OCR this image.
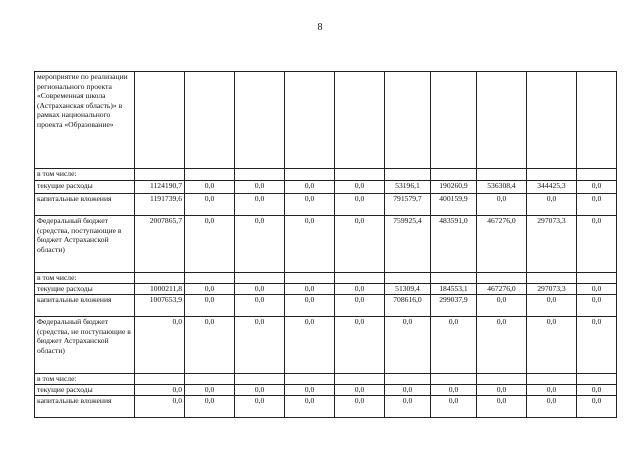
8
мероприятие по реализации регионального проекта «Современная школа (Астраханская область)» в рамках национального проекта «Образование»										
в том числе:										
текущие расходы	1124190,7	0,0	0,0	0,0	0,0	53196,1	190260,9	536308,4	344425,3	0,0
капитальные вложения	1191739,6	0,0	0,0	0,0	0,0	791579,7	400159,9	0,0	0,0	0,0
Федеральный бюджет (средства, поступающие в бюджет Астраханской области)	2007865,7	0,0	0,0	0,0	0,0	759925,4	483591,0	467276,0	297073,3	0,0
в том числе:										
текущие расходы	1000211,8	0,0	0,0	0,0	0,0	51309,4	184553,1	467276,0	297073,3	0,0
капитальные вложения	1007653,9	0,0	0,0	0,0	0,0	708616,0	299037,9	0,0	0,0	0,0
Федеральный бюджет (средства, не поступающие в бюджет Астраханской области)	0,0	0,0	0,0	0,0	0,0	0,0	0,0	0,0	0,0	0,0
в том числе:										
текущие расходы	0,0	0,0	0,0	0,0	0,0	0,0	0,0	0,0	0,0	0,0
капитальные вложения	0,0	0,0	0,0	0,0	0,0	0,0	0,0	0,0	0,0	0,0
